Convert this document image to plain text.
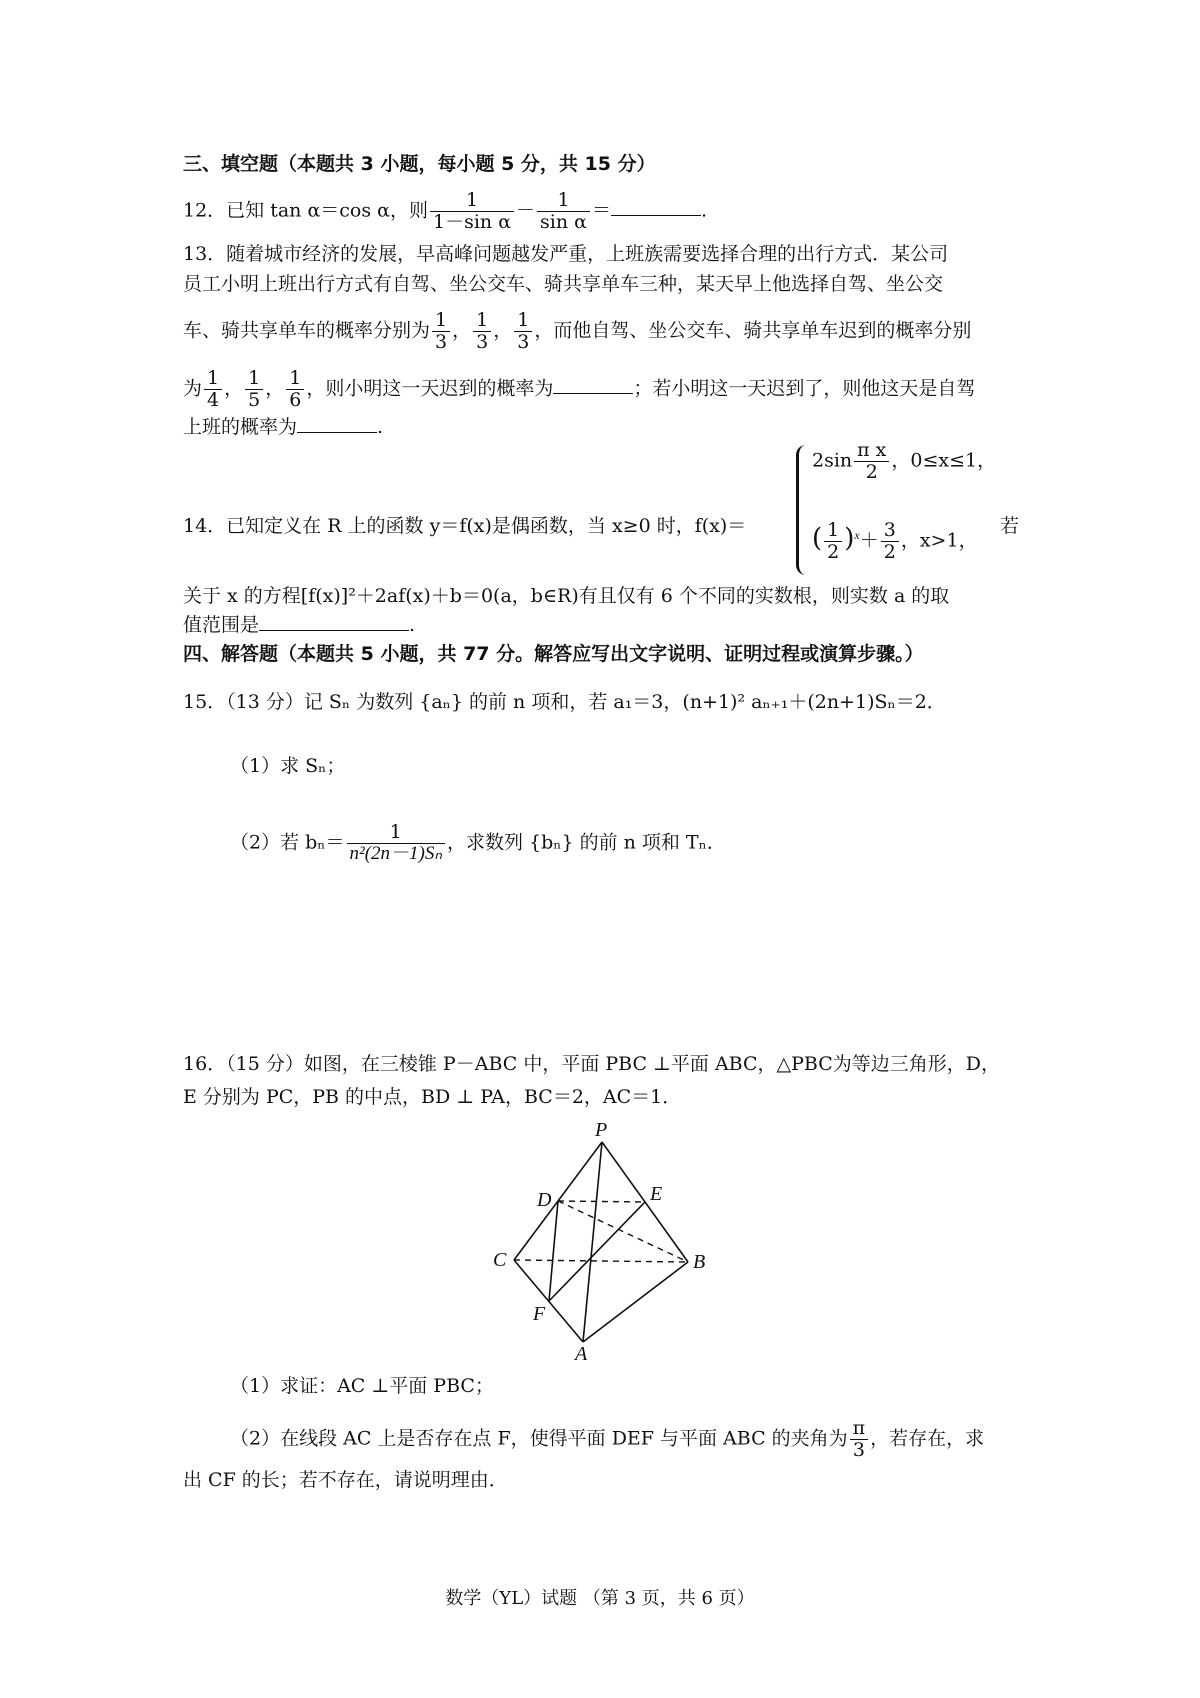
三、填空题（本题共 3 小题，每小题 5 分，共 15 分）
12．已知 tan α＝cos α，则 $\frac{1}{\text{1－sin α}} - \frac{1}{\text{sin α}}$ ＝	.
13．随着城市经济的发展，早高峰问题越发严重，上班族需要选择合理的出行方式．某公司
员工小明上班出行方式有自驾、坐公交车、骑共享单车三种，某天早上他选择自驾、坐公交
车、骑共享单车的概率分别为 $\frac{1}{3}$ ， $\frac{1}{3}$ ， $\frac{1}{3}$ ，而他自驾、坐公交车、骑共享单车迟到的概率分别
为 $\frac{1}{4}$ ， $\frac{1}{5}$ ， $\frac{1}{6}$ ，则小明这一天迟到的概率为	；若小明这一天迟到了，则他这天是自驾
上班的概率为	.
$2\sin \frac{\text{π x}}{2}$ ，0≤x≤1，
( $\frac{1}{2} )^x+ \frac{3}{2}$ ，x>1，
14．已知定义在 R 上的函数 y＝f(x)是偶函数，当 x≥0 时，f(x)＝	若
关于 x 的方程[f(x)]²＋2af(x)＋b＝0(a，b∈R)有且仅有 6 个不同的实数根，则实数 a 的取
值范围是	.
四、解答题（本题共 5 小题，共 77 分。解答应写出文字说明、证明过程或演算步骤。）
15．（13 分）记 Sₙ 为数列 {aₙ} 的前 n 项和，若 a₁＝3，(n+1)² aₙ₊₁＋(2n+1)Sₙ＝2．
（1）求 Sₙ；
（2）若 $b_n= \frac{1}{\text{n²(2n－1)Sₙ}}$ ，求数列 {bₙ} 的前 n 项和 Tₙ．
16．（15 分）如图，在三棱锥 P－ABC 中，平面 PBC ⊥平面 ABC，△PBC为等边三角形，D，
E 分别为 PC，PB 的中点，BD ⊥ PA，BC＝2，AC＝1．
P
D	E
C	B
F
A
（1）求证：AC ⊥平面 PBC；
（2）在线段 AC 上是否存在点 F，使得平面 DEF 与平面 ABC 的夹角为 $\frac{\pi}{3}$ ，若存在，求
出 CF 的长；若不存在，请说明理由．
数学（YL）试题 （第 3 页，共 6 页）
